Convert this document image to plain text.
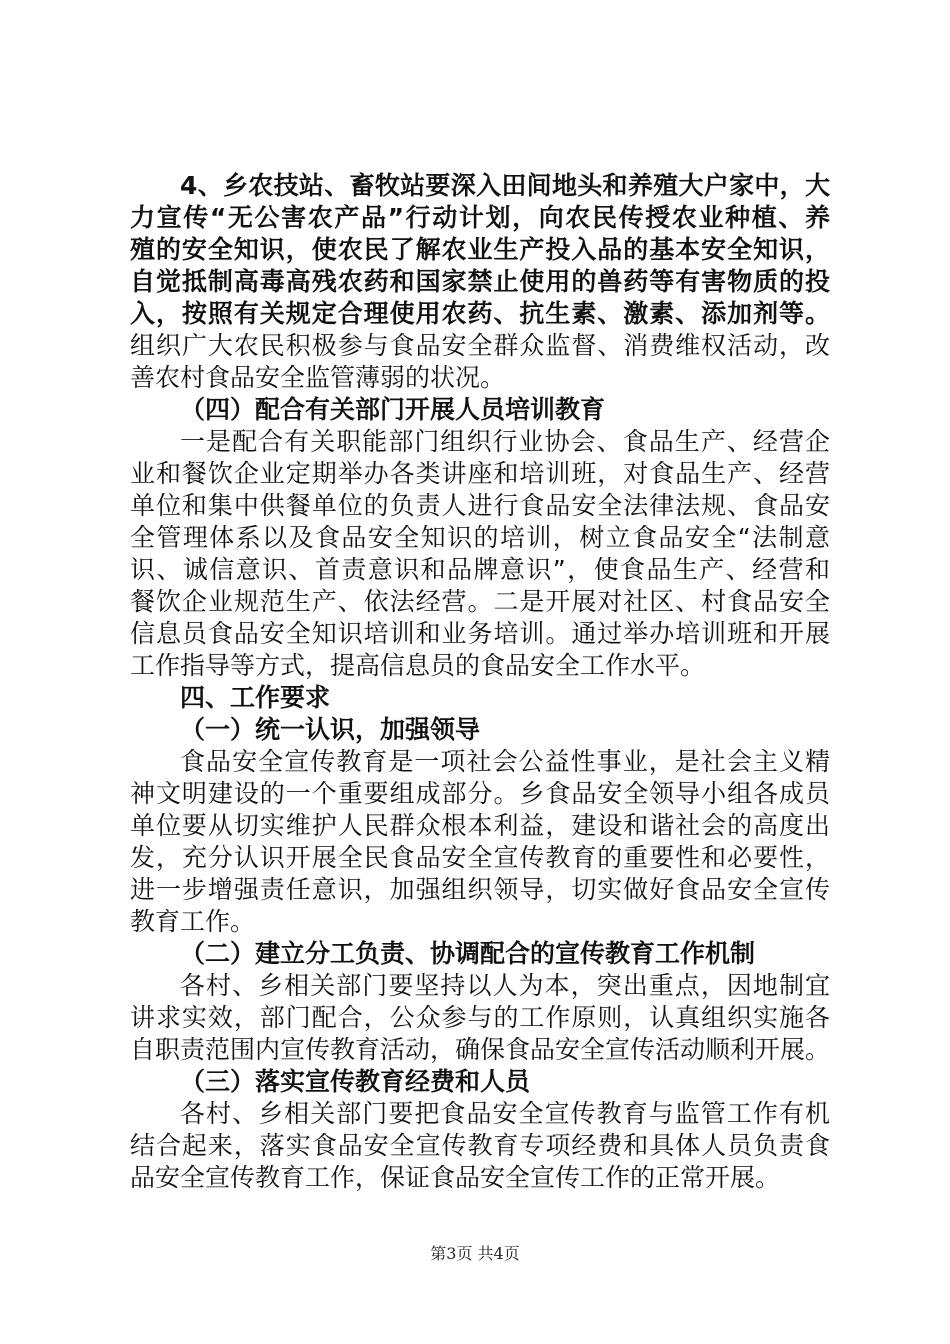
4、乡农技站、畜牧站要深入田间地头和养殖大户家中，大
力宣传“无公害农产品”行动计划，向农民传授农业种植、养
殖的安全知识，使农民了解农业生产投入品的基本安全知识，
自觉抵制高毒高残农药和国家禁止使用的兽药等有害物质的投
入，按照有关规定合理使用农药、抗生素、激素、添加剂等。
组织广大农民积极参与食品安全群众监督、消费维权活动，改
善农村食品安全监管薄弱的状况。
（四）配合有关部门开展人员培训教育
一是配合有关职能部门组织行业协会、食品生产、经营企
业和餐饮企业定期举办各类讲座和培训班，对食品生产、经营
单位和集中供餐单位的负责人进行食品安全法律法规、食品安
全管理体系以及食品安全知识的培训，树立食品安全“法制意
识、诚信意识、首责意识和品牌意识”，使食品生产、经营和
餐饮企业规范生产、依法经营。二是开展对社区、村食品安全
信息员食品安全知识培训和业务培训。通过举办培训班和开展
工作指导等方式，提高信息员的食品安全工作水平。
四、工作要求
（一）统一认识，加强领导
食品安全宣传教育是一项社会公益性事业，是社会主义精
神文明建设的一个重要组成部分。乡食品安全领导小组各成员
单位要从切实维护人民群众根本利益，建设和谐社会的高度出
发，充分认识开展全民食品安全宣传教育的重要性和必要性，
进一步增强责任意识，加强组织领导，切实做好食品安全宣传
教育工作。
（二）建立分工负责、协调配合的宣传教育工作机制
各村、乡相关部门要坚持以人为本，突出重点，因地制宜
讲求实效，部门配合，公众参与的工作原则，认真组织实施各
自职责范围内宣传教育活动，确保食品安全宣传活动顺利开展。
（三）落实宣传教育经费和人员
各村、乡相关部门要把食品安全宣传教育与监管工作有机
结合起来，落实食品安全宣传教育专项经费和具体人员负责食
品安全宣传教育工作，保证食品安全宣传工作的正常开展。
第3页 共4页
